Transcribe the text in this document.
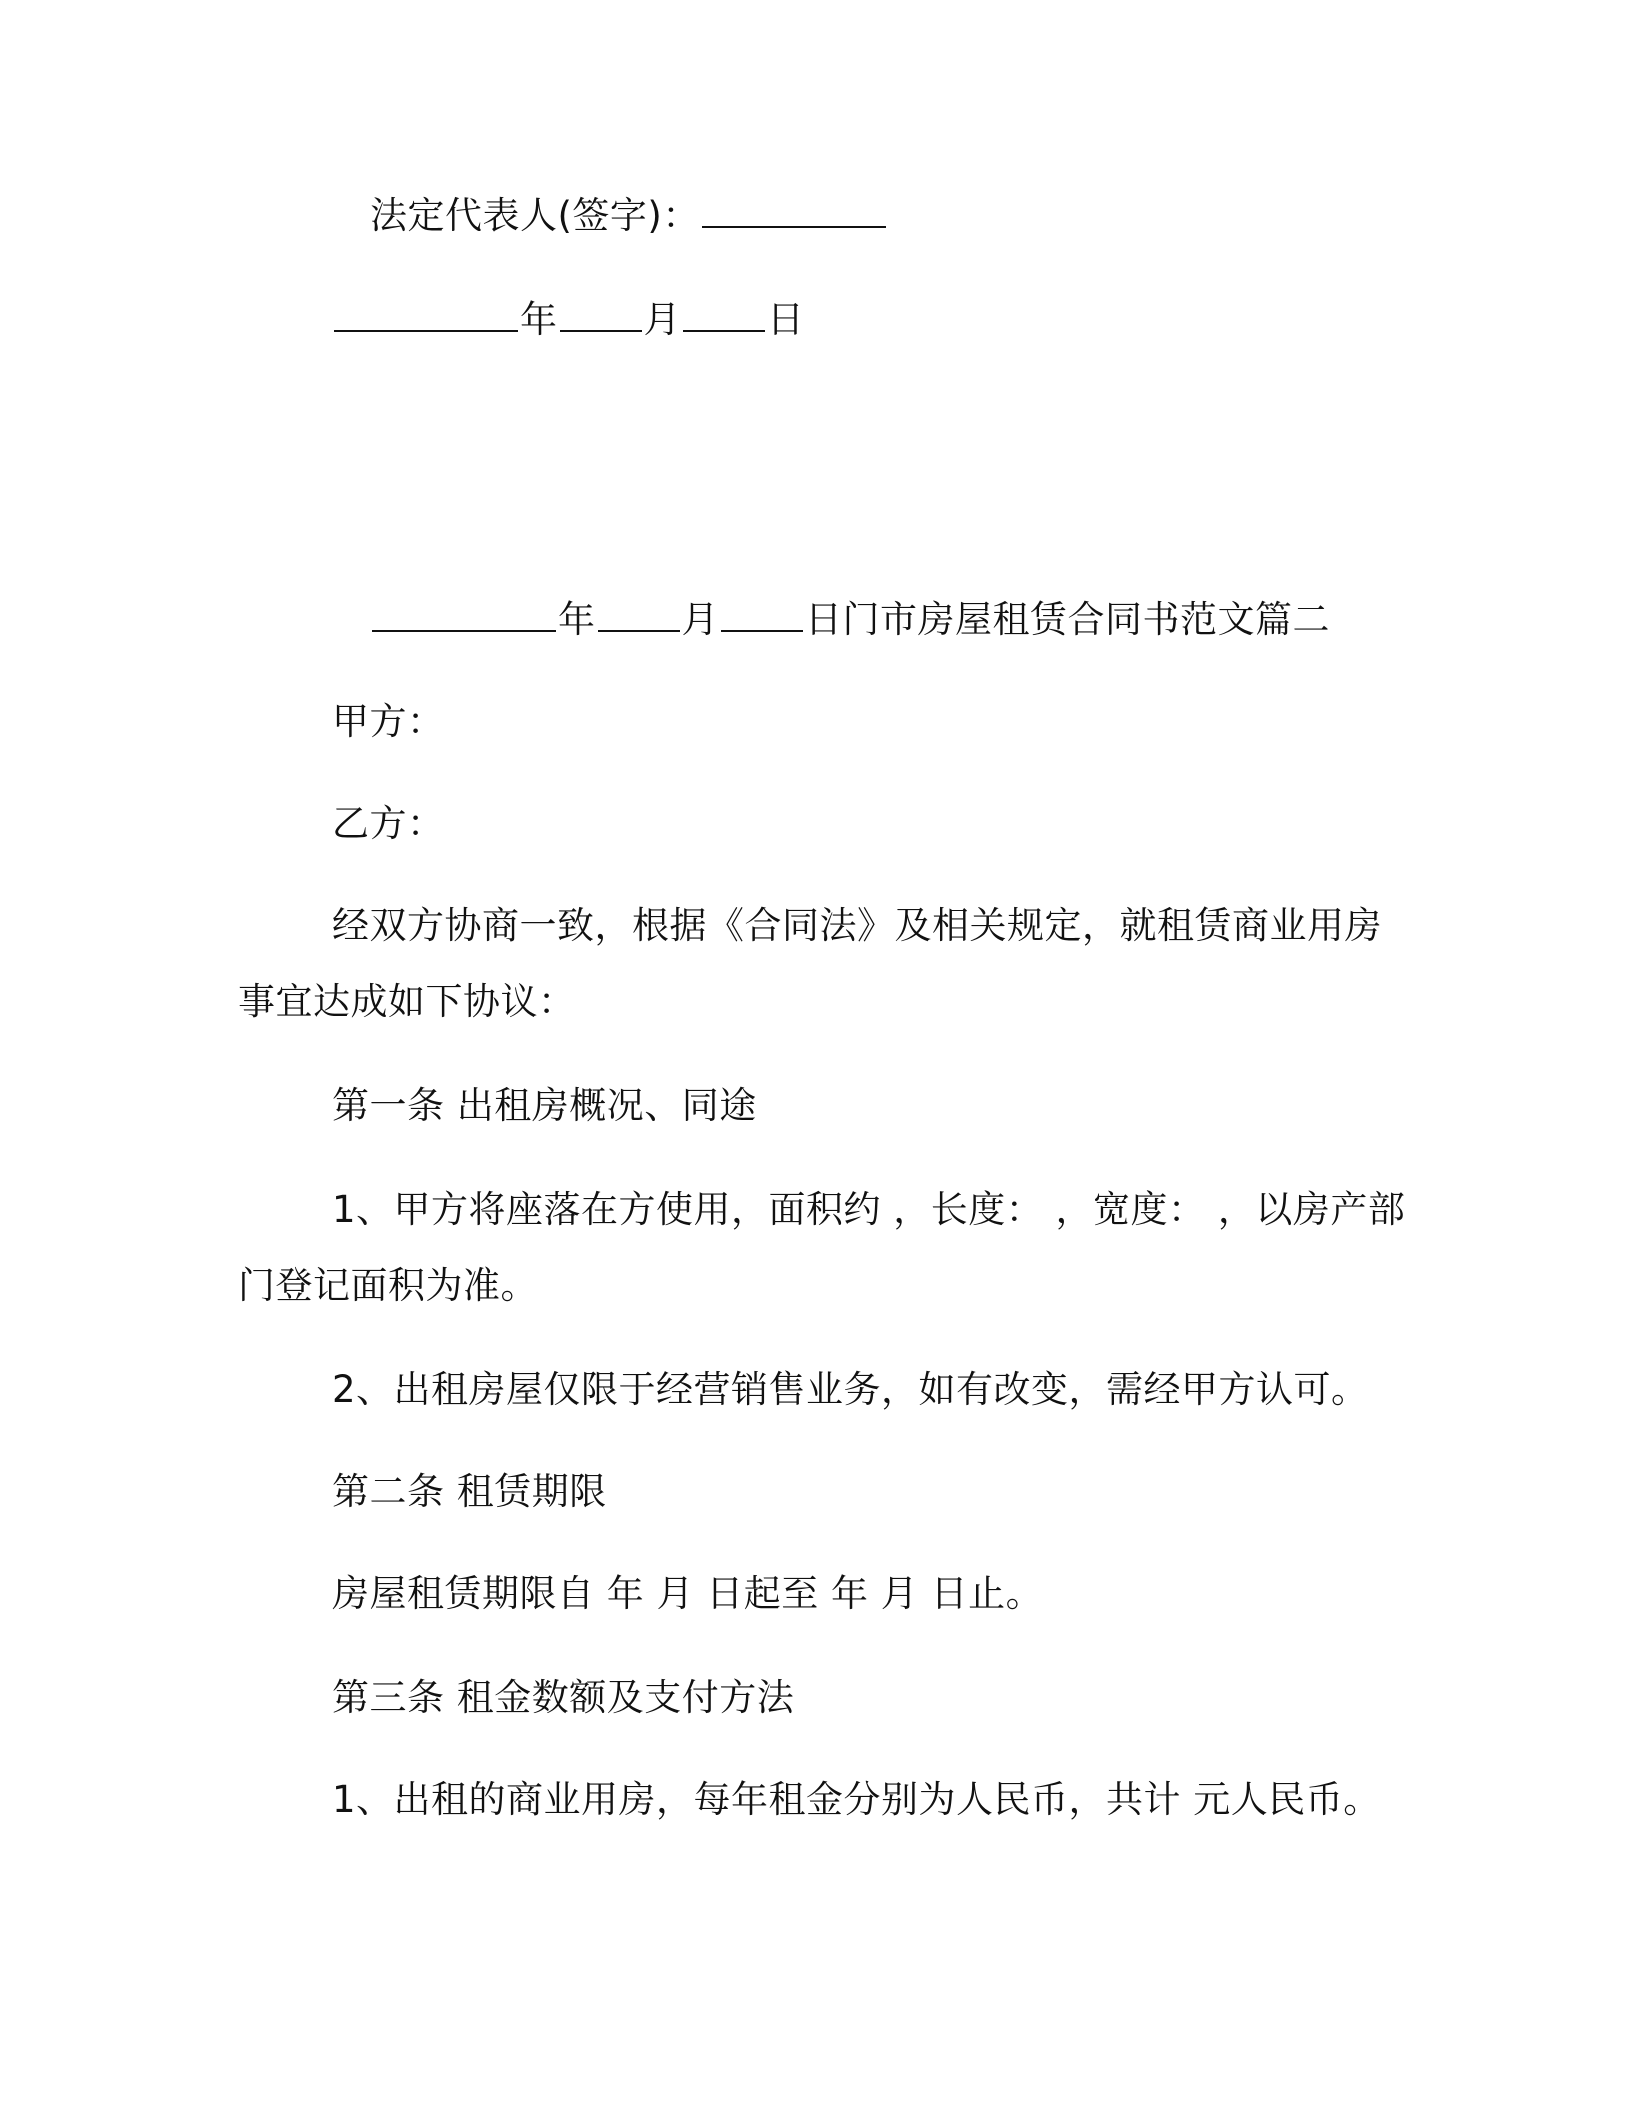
法定代表人(签字)：
年 月 日
年 月 日门市房屋租赁合同书范文篇二
甲方：
乙方：
经双方协商一致，根据《合同法》及相关规定，就租赁商业用房
事宜达成如下协议：
第一条 出租房概况、同途
1、甲方将座落在方使用，面积约 ，长度： ，宽度： ，以房产部
门登记面积为准。
2、出租房屋仅限于经营销售业务，如有改变，需经甲方认可。
第二条 租赁期限
房屋租赁期限自 年 月 日起至 年 月 日止。
第三条 租金数额及支付方法
1、出租的商业用房，每年租金分别为人民币，共计 元人民币。
